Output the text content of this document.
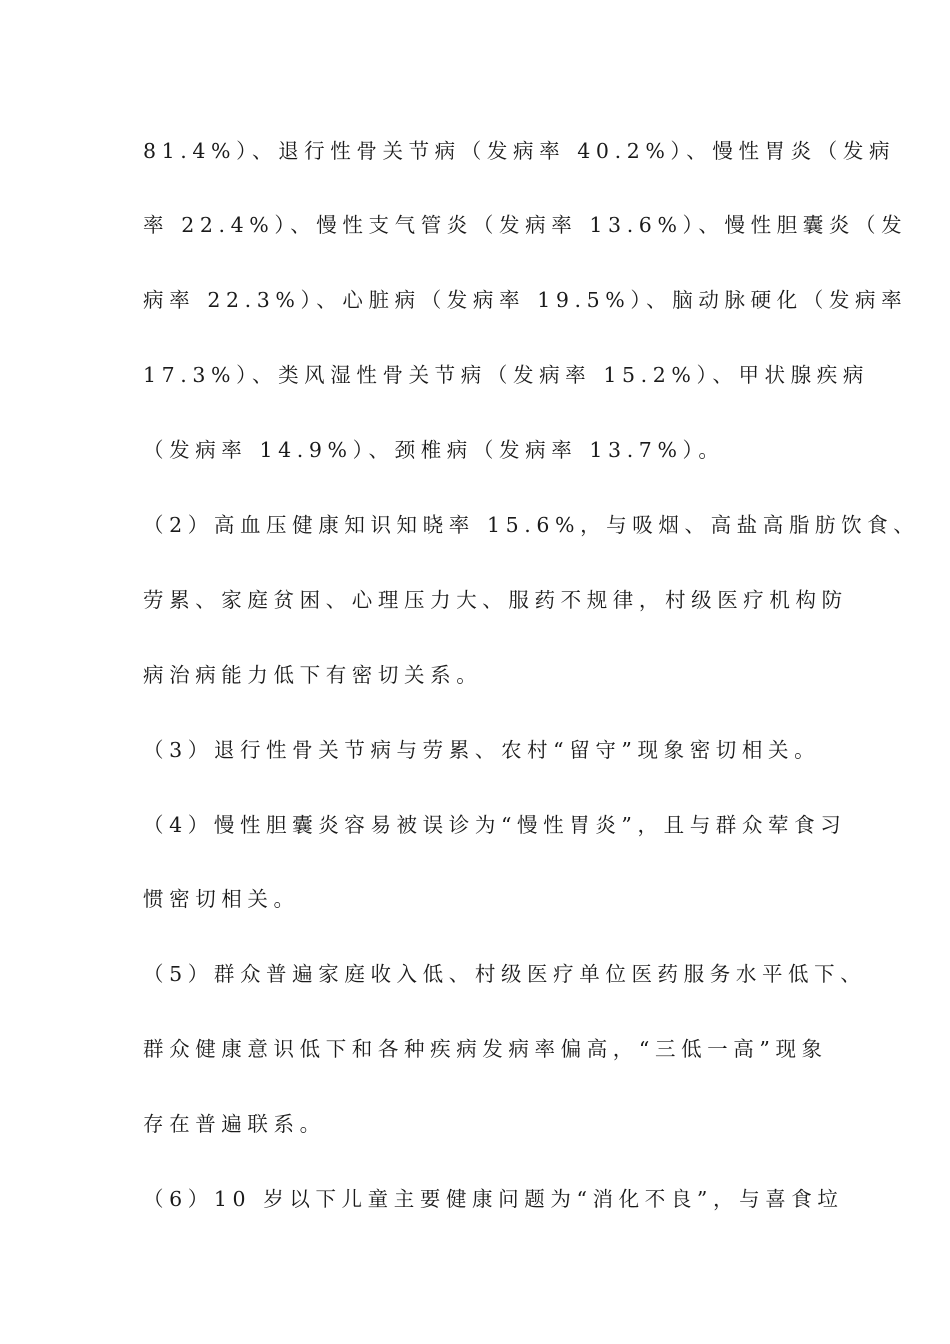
81.4%）、退行性骨关节病（发病率 40.2%）、慢性胃炎（发病
率 22.4%）、慢性支气管炎（发病率 13.6%）、慢性胆囊炎（发
病率 22.3%）、心脏病（发病率 19.5%）、脑动脉硬化（发病率
17.3%）、类风湿性骨关节病（发病率 15.2%）、甲状腺疾病
（发病率 14.9%）、颈椎病（发病率 13.7%）。
（2）高血压健康知识知晓率 15.6%，与吸烟、高盐高脂肪饮食、
劳累、家庭贫困、心理压力大、服药不规律，村级医疗机构防
病治病能力低下有密切关系。
（3）退行性骨关节病与劳累、农村“留守”现象密切相关。
（4）慢性胆囊炎容易被误诊为“慢性胃炎”，且与群众荤食习
惯密切相关。
（5）群众普遍家庭收入低、村级医疗单位医药服务水平低下、
群众健康意识低下和各种疾病发病率偏高，“三低一高”现象
存在普遍联系。
（6）10 岁以下儿童主要健康问题为“消化不良”，与喜食垃
